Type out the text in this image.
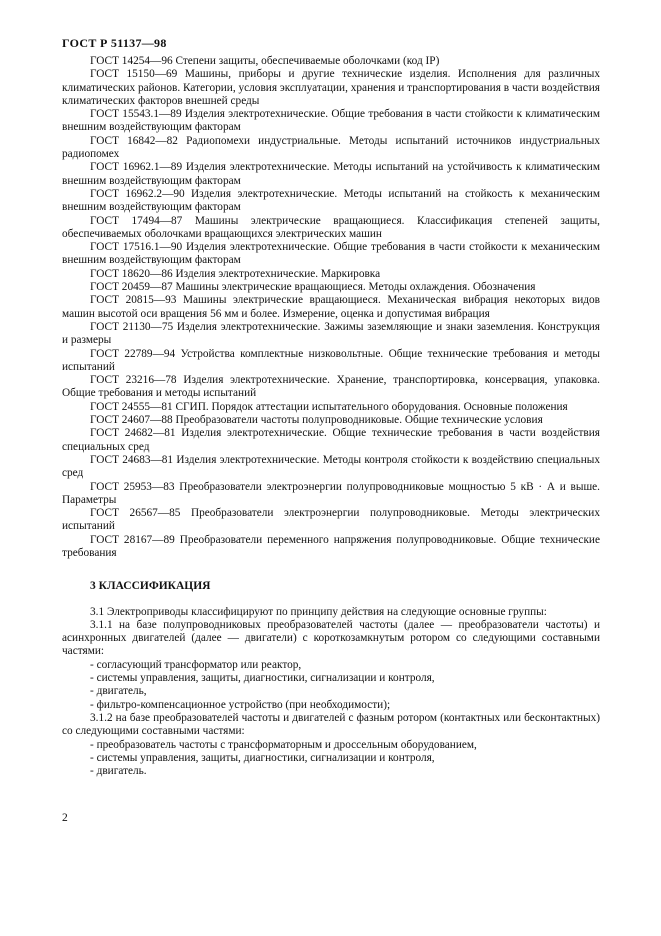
ГОСТ Р 51137—98

ГОСТ 14254—96 Степени защиты, обеспечиваемые оболочками (код IP)

ГОСТ 15150—69 Машины, приборы и другие технические изделия. Исполнения для различных климатических районов. Категории, условия эксплуатации, хранения и транспортирования в части воздействия климатических факторов внешней среды

ГОСТ 15543.1—89 Изделия электротехнические. Общие требования в части стойкости к климатическим внешним воздействующим факторам

ГОСТ 16842—82 Радиопомехи индустриальные. Методы испытаний источников индустриальных радиопомех

ГОСТ 16962.1—89 Изделия электротехнические. Методы испытаний на устойчивость к климатическим внешним воздействующим факторам

ГОСТ 16962.2—90 Изделия электротехнические. Методы испытаний на стойкость к механическим внешним воздействующим факторам

ГОСТ 17494—87 Машины электрические вращающиеся. Классификация степеней защиты, обеспечиваемых оболочками вращающихся электрических машин

ГОСТ 17516.1—90 Изделия электротехнические. Общие требования в части стойкости к механическим внешним воздействующим факторам

ГОСТ 18620—86 Изделия электротехнические. Маркировка

ГОСТ 20459—87 Машины электрические вращающиеся. Методы охлаждения. Обозначения

ГОСТ 20815—93 Машины электрические вращающиеся. Механическая вибрация некоторых видов машин высотой оси вращения 56 мм и более. Измерение, оценка и допустимая вибрация

ГОСТ 21130—75 Изделия электротехнические. Зажимы заземляющие и знаки заземления. Конструкция и размеры

ГОСТ 22789—94 Устройства комплектные низковольтные. Общие технические требования и методы испытаний

ГОСТ 23216—78 Изделия электротехнические. Хранение, транспортировка, консервация, упаковка. Общие требования и методы испытаний

ГОСТ 24555—81 СГИП. Порядок аттестации испытательного оборудования. Основные положения

ГОСТ 24607—88 Преобразователи частоты полупроводниковые. Общие технические условия

ГОСТ 24682—81 Изделия электротехнические. Общие технические требования в части воздействия специальных сред

ГОСТ 24683—81 Изделия электротехнические. Методы контроля стойкости к воздействию специальных сред

ГОСТ 25953—83 Преобразователи электроэнергии полупроводниковые мощностью 5 кВ · А и выше. Параметры

ГОСТ 26567—85 Преобразователи электроэнергии полупроводниковые. Методы электрических испытаний

ГОСТ 28167—89 Преобразователи переменного напряжения полупроводниковые. Общие технические требования

3 КЛАССИФИКАЦИЯ

3.1 Электроприводы классифицируют по принципу действия на следующие основные группы:

3.1.1 на базе полупроводниковых преобразователей частоты (далее — преобразователи частоты) и асинхронных двигателей (далее — двигатели) с короткозамкнутым ротором со следующими составными частями:

- согласующий трансформатор или реактор,

- системы управления, защиты, диагностики, сигнализации и контроля,

- двигатель,

- фильтро-компенсационное устройство (при необходимости);

3.1.2 на базе преобразователей частоты и двигателей с фазным ротором (контактных или бесконтактных) со следующими составными частями:

- преобразователь частоты с трансформаторным и дроссельным оборудованием,

- системы управления, защиты, диагностики, сигнализации и контроля,

- двигатель.

2
